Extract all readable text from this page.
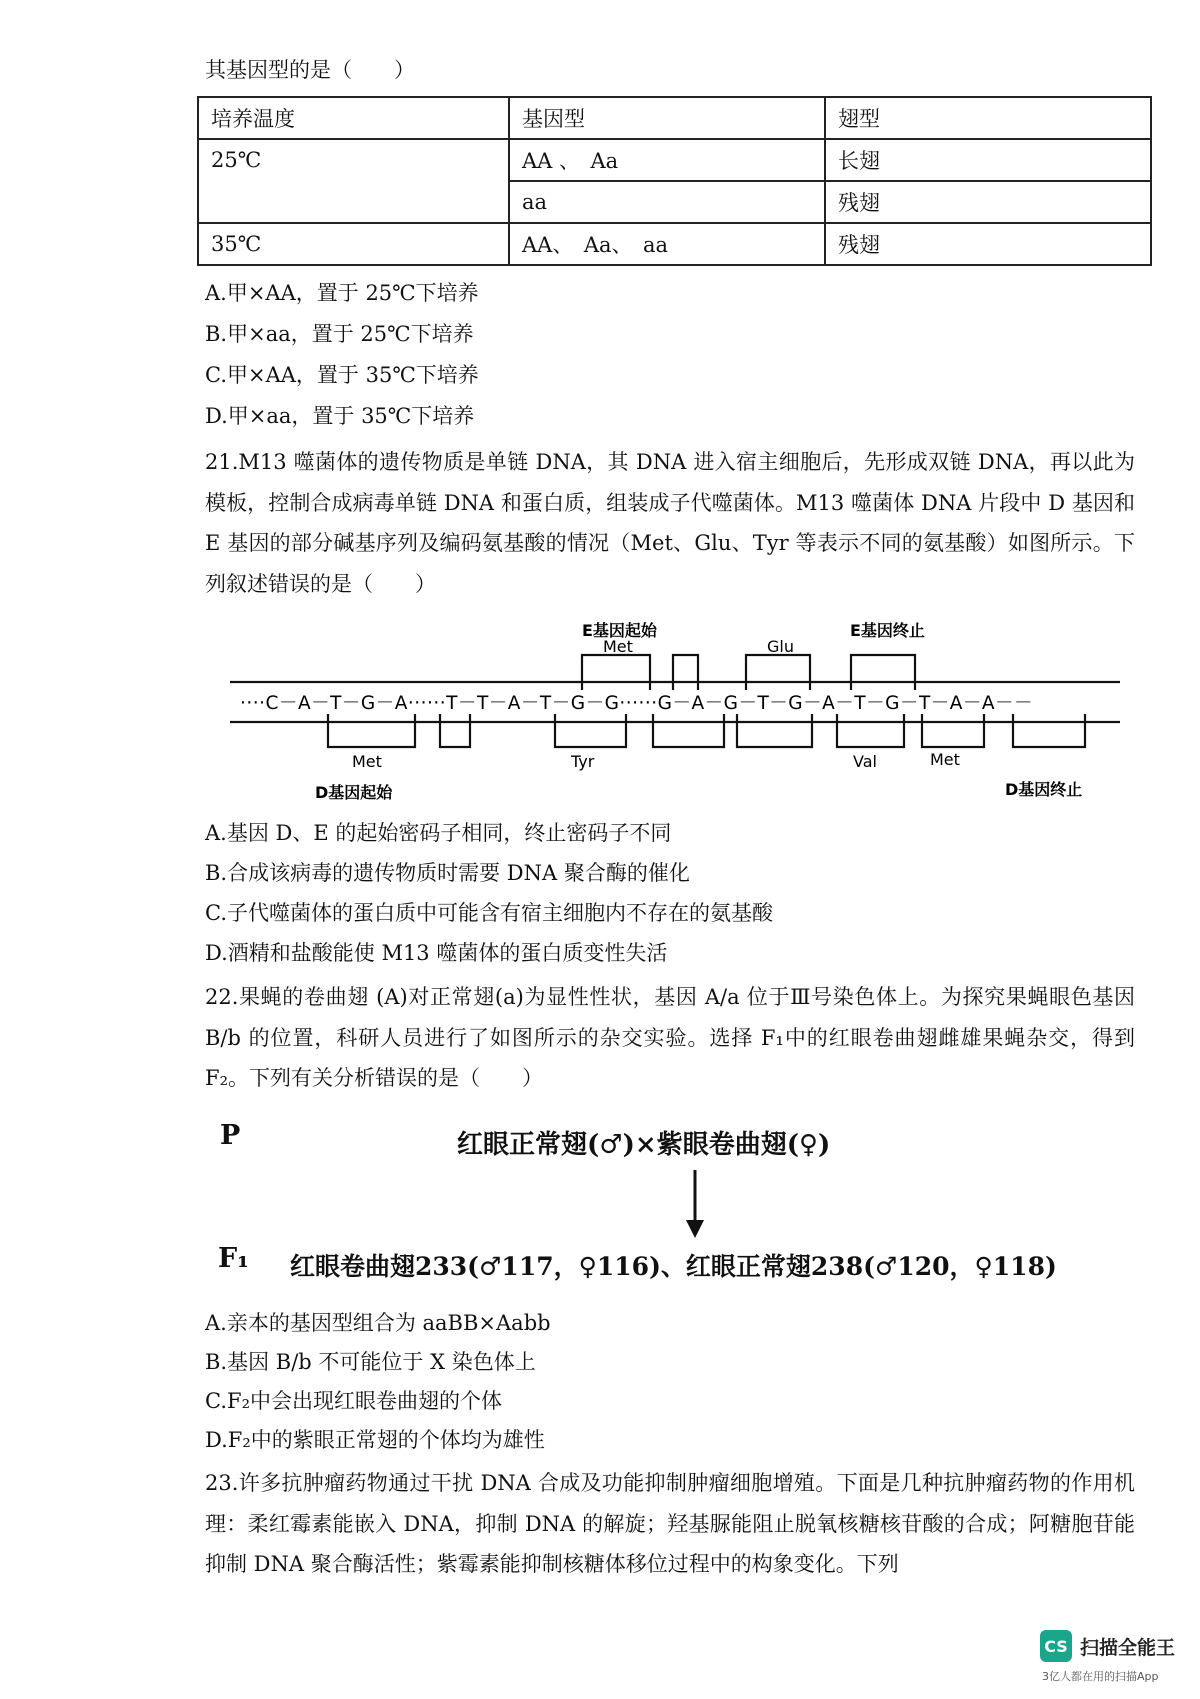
其基因型的是（　　）
培养温度	基因型	翅型
25℃	AA 、　Aa	长翅
	aa	残翅
35℃	AA、　Aa、　aa	残翅
A.甲×AA，置于 25℃下培养
B.甲×aa，置于 25℃下培养
C.甲×AA，置于 35℃下培养
D.甲×aa，置于 35℃下培养
21.M13 噬菌体的遗传物质是单链 DNA，其 DNA 进入宿主细胞后，先形成双链 DNA，再以此为模板，控制合成病毒单链 DNA 和蛋白质，组装成子代噬菌体。M13 噬菌体 DNA 片段中 D 基因和 E 基因的部分碱基序列及编码氨基酸的情况（Met、Glu、Tyr 等表示不同的氨基酸）如图所示。下列叙述错误的是（　　）
····C－A－T－G－A······T－T－A－T－G－G······G－A－G－T－G－A－T－G－T－A－A－－
E基因起始
Met	Glu
E基因终止
Met	Tyr	Val	Met
D基因起始	D基因终止
A.基因 D、E 的起始密码子相同，终止密码子不同
B.合成该病毒的遗传物质时需要 DNA 聚合酶的催化
C.子代噬菌体的蛋白质中可能含有宿主细胞内不存在的氨基酸
D.酒精和盐酸能使 M13 噬菌体的蛋白质变性失活
22.果蝇的卷曲翅 (A)对正常翅(a)为显性性状，基因 A/a 位于Ⅲ号染色体上。为探究果蝇眼色基因 B/b 的位置，科研人员进行了如图所示的杂交实验。选择 F₁中的红眼卷曲翅雌雄果蝇杂交，得到 F₂。下列有关分析错误的是（　　）
P	红眼正常翅(♂)×紫眼卷曲翅(♀)
F₁ 红眼卷曲翅233(♂117，♀116)、红眼正常翅238(♂120，♀118)
A.亲本的基因型组合为 aaBB×Aabb
B.基因 B/b 不可能位于 X 染色体上
C.F₂中会出现红眼卷曲翅的个体
D.F₂中的紫眼正常翅的个体均为雄性
23.许多抗肿瘤药物通过干扰 DNA 合成及功能抑制肿瘤细胞增殖。下面是几种抗肿瘤药物的作用机理：柔红霉素能嵌入 DNA，抑制 DNA 的解旋；羟基脲能阻止脱氧核糖核苷酸的合成；阿糖胞苷能抑制 DNA 聚合酶活性；紫霉素能抑制核糖体移位过程中的构象变化。下列
CS 扫描全能王
3亿人都在用的扫描App
